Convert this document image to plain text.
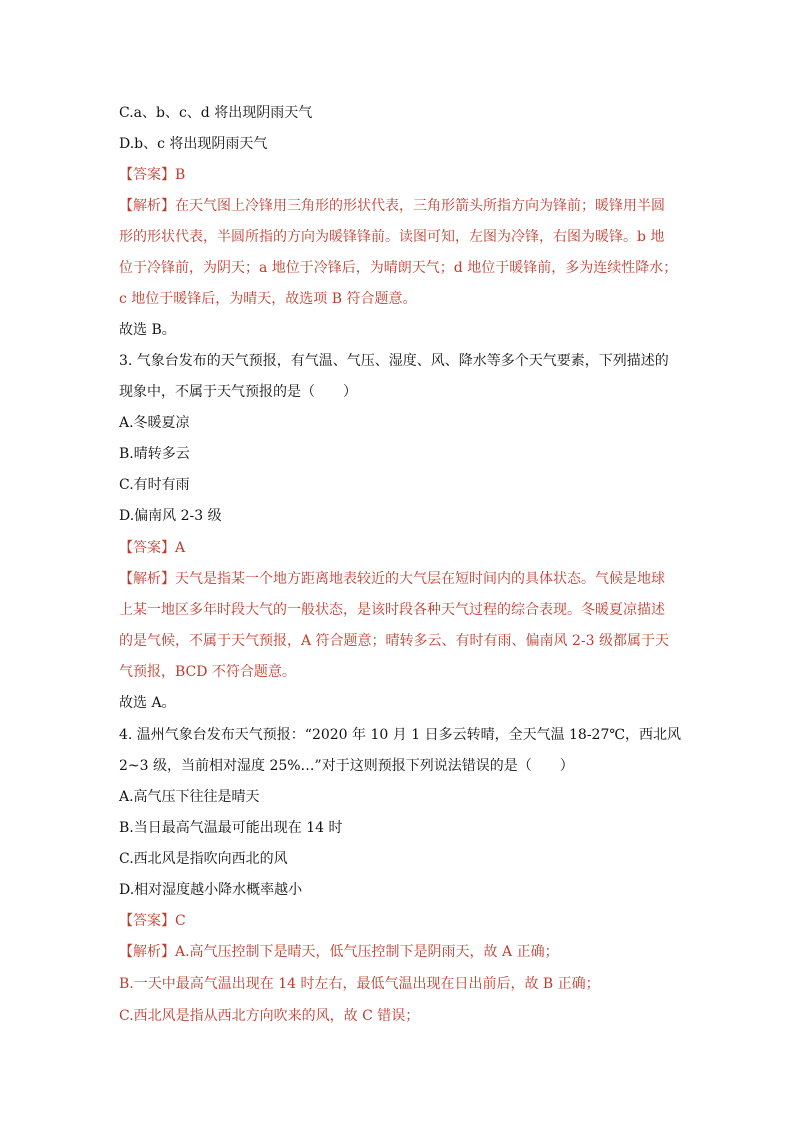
C.a、b、c、d 将出现阴雨天气
D.b、c 将出现阴雨天气
【答案】B
【解析】在天气图上冷锋用三角形的形状代表，三角形箭头所指方向为锋前；暖锋用半圆
形的形状代表，半圆所指的方向为暖锋锋前。读图可知，左图为冷锋，右图为暖锋。b 地
位于冷锋前，为阴天；a 地位于冷锋后，为晴朗天气；d 地位于暖锋前，多为连续性降水；
c 地位于暖锋后，为晴天，故选项 B 符合题意。
故选 B。
3. 气象台发布的天气预报，有气温、气压、湿度、风、降水等多个天气要素，下列描述的
现象中，不属于天气预报的是（　　）
A.冬暖夏凉
B.晴转多云
C.有时有雨
D.偏南风 2-3 级
【答案】A
【解析】天气是指某一个地方距离地表较近的大气层在短时间内的具体状态。气候是地球
上某一地区多年时段大气的一般状态，是该时段各种天气过程的综合表现。冬暖夏凉描述
的是气候，不属于天气预报，A 符合题意；晴转多云、有时有雨、偏南风 2-3 级都属于天
气预报，BCD 不符合题意。
故选 A。
4. 温州气象台发布天气预报：“2020 年 10 月 1 日多云转晴，全天气温 18-27℃，西北风
2~3 级，当前相对湿度 25%…”对于这则预报下列说法错误的是（　　）
A.高气压下往往是晴天
B.当日最高气温最可能出现在 14 时
C.西北风是指吹向西北的风
D.相对湿度越小降水概率越小
【答案】C
【解析】A.高气压控制下是晴天，低气压控制下是阴雨天，故 A 正确；
B.一天中最高气温出现在 14 时左右，最低气温出现在日出前后，故 B 正确；
C.西北风是指从西北方向吹来的风，故 C 错误；
